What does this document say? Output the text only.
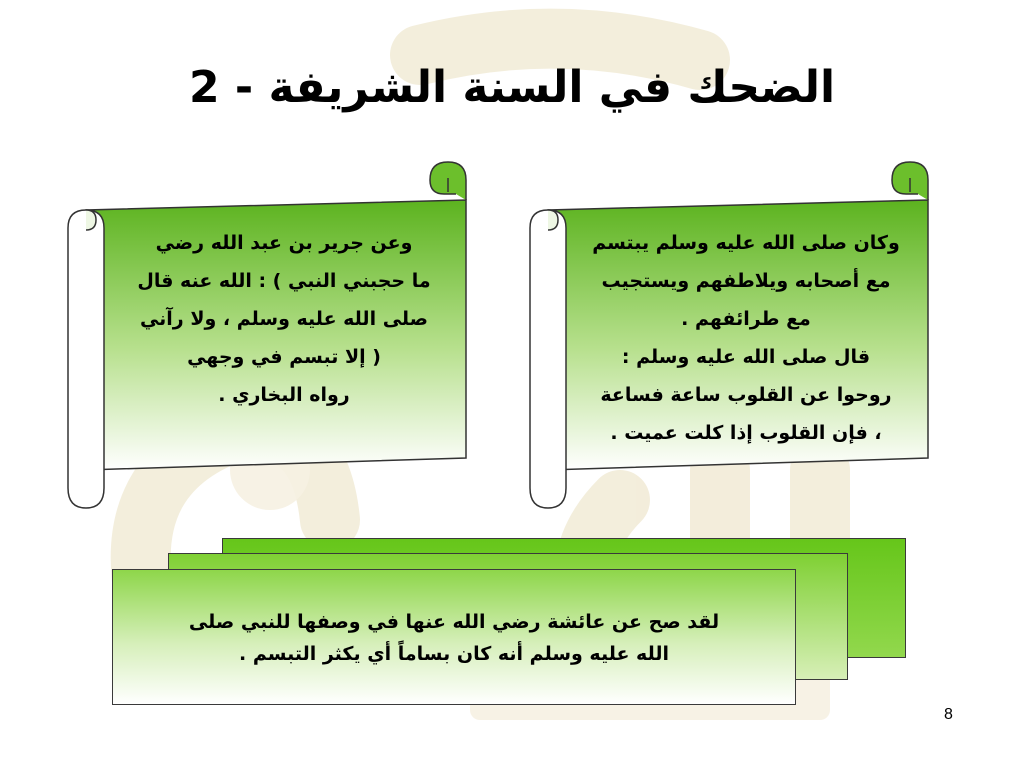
الضحك في السنة الشريفة - 2

وعن جرير بن عبد الله رضي

ما حجبني النبي ) : الله عنه قال

صلى الله عليه وسلم ، ولا رآني

( إلا تبسم في وجهي

رواه البخاري .

وكان صلى الله عليه وسلم يبتسم

مع أصحابه ويلاطفهم ويستجيب

مع طرائفهم .

قال صلى الله عليه وسلم :

روحوا عن القلوب ساعة فساعة

، فإن القلوب إذا كلت عميت .

لقد صح عن عائشة رضي الله عنها في وصفها للنبي صلى

الله عليه وسلم أنه كان بساماً أي يكثر التبسم .

8
